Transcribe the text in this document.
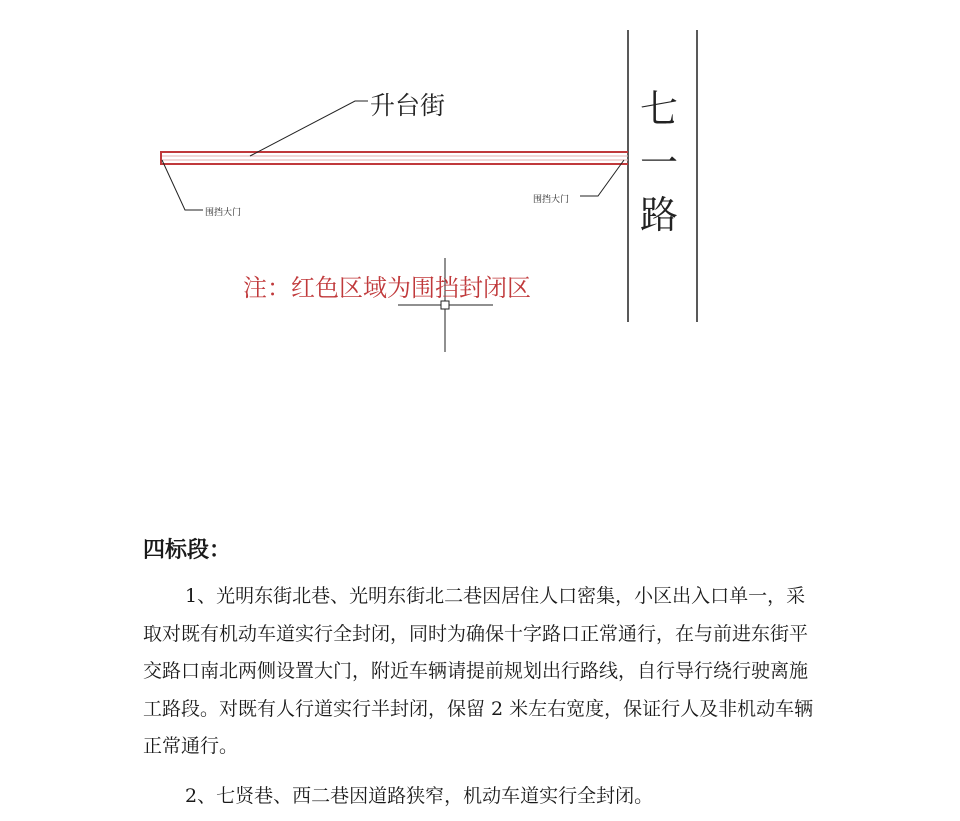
升台街
围挡大门
围挡大门
七
一
路
注：红色区域为围挡封闭区
四标段：
1、光明东街北巷、光明东街北二巷因居住人口密集，小区出入口单一，采
取对既有机动车道实行全封闭，同时为确保十字路口正常通行，在与前进东街平
交路口南北两侧设置大门，附近车辆请提前规划出行路线，自行导行绕行驶离施
工路段。对既有人行道实行半封闭，保留 2 米左右宽度，保证行人及非机动车辆
正常通行。
2、七贤巷、西二巷因道路狭窄，机动车道实行全封闭。
